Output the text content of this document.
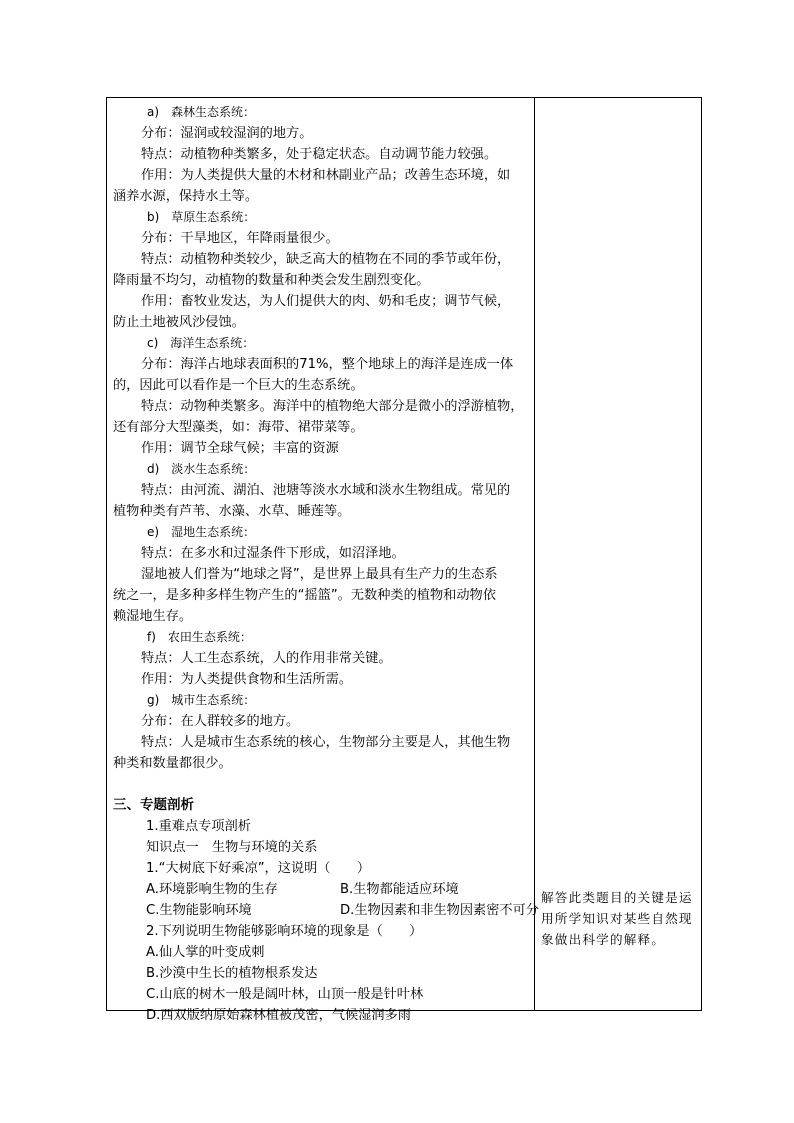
a)　森林生态系统：
分布：湿润或较湿润的地方。
特点：动植物种类繁多，处于稳定状态。自动调节能力较强。
作用：为人类提供大量的木材和林副业产品；改善生态环境，如
涵养水源，保持水土等。
b)　草原生态系统：
分布：干旱地区，年降雨量很少。
特点：动植物种类较少，缺乏高大的植物在不同的季节或年份，
降雨量不均匀，动植物的数量和种类会发生剧烈变化。
作用：畜牧业发达，为人们提供大的肉、奶和毛皮；调节气候，
防止土地被风沙侵蚀。
c)　海洋生态系统：
分布：海洋占地球表面积的71%，整个地球上的海洋是连成一体
的，因此可以看作是一个巨大的生态系统。
特点：动物种类繁多。海洋中的植物绝大部分是微小的浮游植物，
还有部分大型藻类，如：海带、裙带菜等。
作用：调节全球气候；丰富的资源
d)　淡水生态系统：
特点：由河流、湖泊、池塘等淡水水域和淡水生物组成。常见的
植物种类有芦苇、水藻、水草、睡莲等。
e)　湿地生态系统：
特点：在多水和过湿条件下形成，如沼泽地。
湿地被人们誉为“地球之肾”，是世界上最具有生产力的生态系
统之一，是多种多样生物产生的“摇篮”。无数种类的植物和动物依
赖湿地生存。
f)　农田生态系统：
特点：人工生态系统，人的作用非常关键。
作用：为人类提供食物和生活所需。
g)　城市生态系统：
分布：在人群较多的地方。
特点：人是城市生态系统的核心，生物部分主要是人，其他生物
种类和数量都很少。
三、专题剖析
1.重难点专项剖析
知识点一　生物与环境的关系
1.“大树底下好乘凉”，这说明（　　）
A.环境影响生物的生存	B.生物都能适应环境
C.生物能影响环境	D.生物因素和非生物因素密不可分
2.下列说明生物能够影响环境的现象是（　　）
A.仙人掌的叶变成刺
B.沙漠中生长的植物根系发达
C.山底的树木一般是阔叶林，山顶一般是针叶林
D.西双版纳原始森林植被茂密，气候湿润多雨
解答此类题目的关键是运
用所学知识对某些自然现
象做出科学的解释。
